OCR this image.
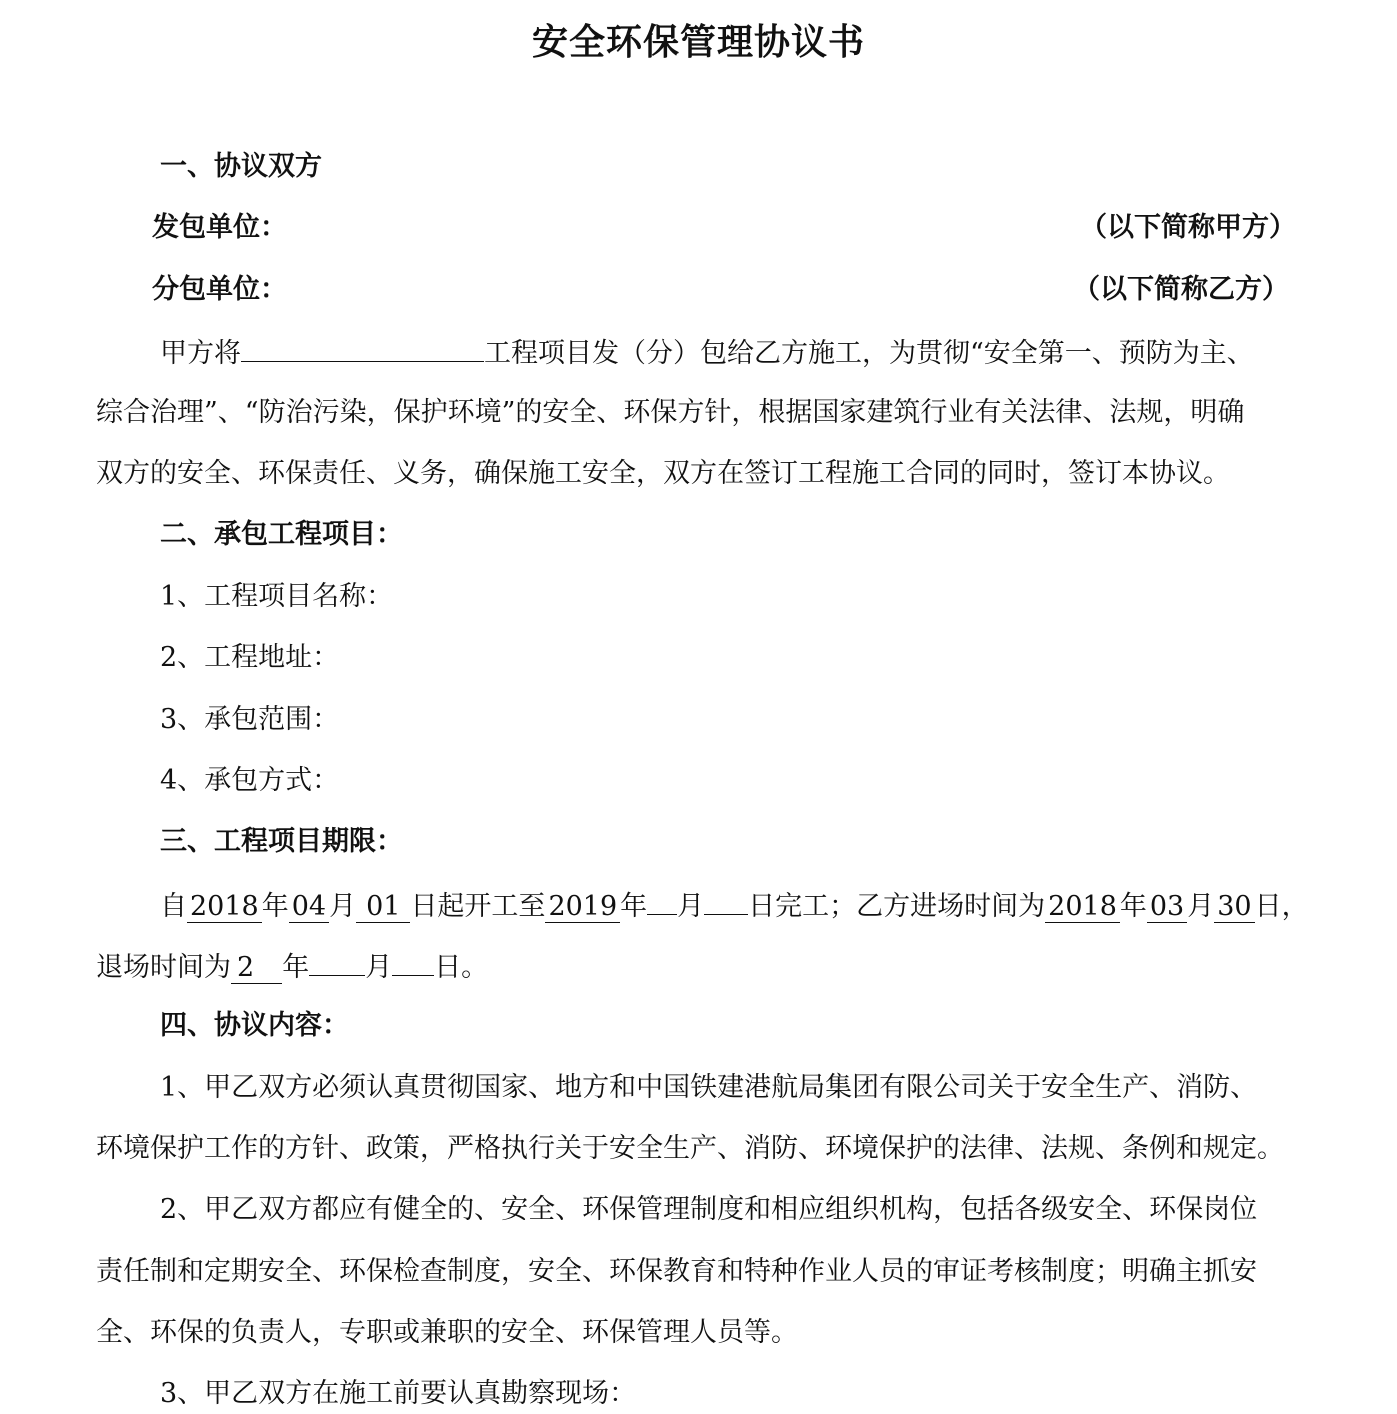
安全环保管理协议书
一、协议双方
发包单位：	（以下简称甲方）
分包单位：	（以下简称乙方）
甲方将	工程项目发（分）包给乙方施工，为贯彻“安全第一、预防为主、
综合治理”、“防治污染，保护环境”的安全、环保方针，根据国家建筑行业有关法律、法规，明确
双方的安全、环保责任、义务，确保施工安全，双方在签订工程施工合同的同时，签订本协议。
二、承包工程项目：
1、工程项目名称：
2、工程地址：
3、承包范围：
4、承包方式：
三、工程项目期限：
自 2018 年 04 月 01 日起开工至 2019 年 月 日完工；乙方进场时间为 2018 年 03 月 30 日，
退场时间为 2 年 月 日。
四、协议内容：
1、甲乙双方必须认真贯彻国家、地方和中国铁建港航局集团有限公司关于安全生产、消防、
环境保护工作的方针、政策，严格执行关于安全生产、消防、环境保护的法律、法规、条例和规定。
2、甲乙双方都应有健全的、安全、环保管理制度和相应组织机构，包括各级安全、环保岗位
责任制和定期安全、环保检查制度，安全、环保教育和特种作业人员的审证考核制度；明确主抓安
全、环保的负责人，专职或兼职的安全、环保管理人员等。
3、甲乙双方在施工前要认真勘察现场：
